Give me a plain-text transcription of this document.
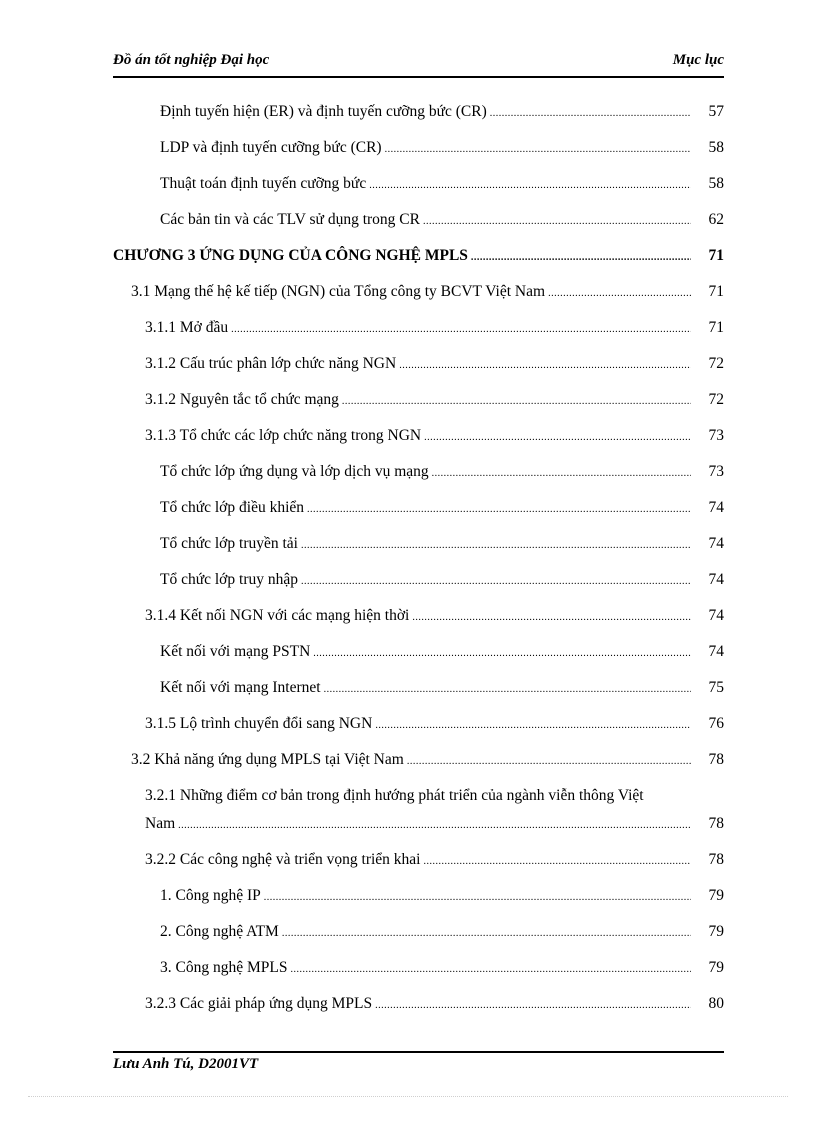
Đồ án tốt nghiệp Đại học	Mục lục
Định tuyến hiện (ER) và định tuyến cưỡng bức (CR) .....	57
LDP và định tuyến cưỡng bức (CR) .....	58
Thuật toán định tuyến cưỡng bức .....	58
Các bản tin và các TLV sử dụng trong CR .....	62
CHƯƠNG 3 ỨNG DỤNG CỦA CÔNG NGHỆ MPLS .....	71
3.1 Mạng thế hệ kế tiếp (NGN) của Tổng công ty BCVT Việt Nam .....	71
3.1.1 Mở đầu .....	71
3.1.2 Cấu trúc phân lớp chức năng NGN .....	72
3.1.2 Nguyên tắc tổ chức mạng .....	72
3.1.3 Tổ chức các lớp chức năng trong NGN .....	73
Tổ chức lớp ứng dụng và lớp dịch vụ mạng .....	73
Tổ chức lớp điều khiển .....	74
Tổ chức lớp truyền tải .....	74
Tổ chức lớp truy nhập .....	74
3.1.4 Kết nối NGN với các mạng hiện thời .....	74
Kết nối với mạng PSTN .....	74
Kết nối với mạng Internet .....	75
3.1.5 Lộ trình chuyển đổi sang NGN .....	76
3.2 Khả năng ứng dụng MPLS tại Việt Nam .....	78
3.2.1 Những điểm cơ bản trong định hướng phát triển của ngành viễn thông Việt
Nam .....	78
3.2.2 Các công nghệ và triển vọng triển khai .....	78
1. Công nghệ IP .....	79
2. Công nghệ ATM .....	79
3. Công nghệ MPLS .....	79
3.2.3 Các giải pháp ứng dụng MPLS .....	80
Lưu Anh Tú, D2001VT
